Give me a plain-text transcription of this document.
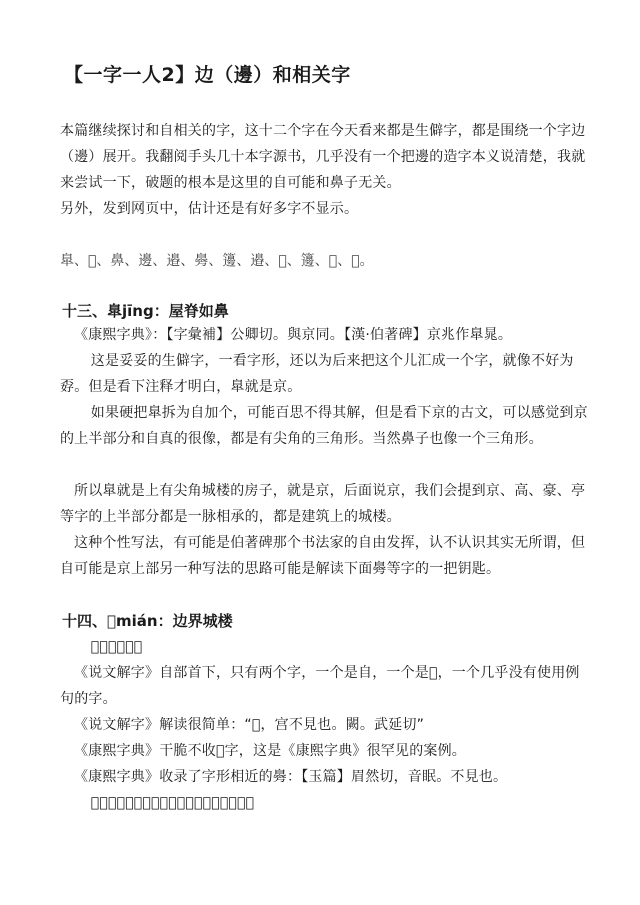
【一字一人2】边（邊）和相关字
本篇继续探讨和自相关的字，这十二个字在今天看来都是生僻字，都是围绕一个字边（邊）展开。我翻阅手头几十本字源书，几乎没有一个把邊的造字本义说清楚，我就来尝试一下，破题的根本是这里的自可能和鼻子无关。
另外，发到网页中，估计还是有好多字不显示。
臯、𢈎、鼻、邊、邉、臱、籩、邉、𥴤、籩、𨏧、𨏥。
十三、臯jīng：屋脊如鼻
《康熙字典》：【字彙補】公卿切。與京同。【漢·伯著碑】京兆作臯晁。
这是妥妥的生僻字，一看字形，还以为后来把这个儿汇成一个字，就像不好为孬。但是看下注释才明白，臯就是京。
如果硬把臯拆为自加个，可能百思不得其解，但是看下京的古文，可以感觉到京的上半部分和自真的很像，都是有尖角的三角形。当然鼻子也像一个三角形。
所以臯就是上有尖角城楼的房子，就是京，后面说京，我们会提到京、高、豪、亭等字的上半部分都是一脉相承的，都是建筑上的城楼。
这种个性写法，有可能是伯著碑那个书法家的自由发挥，认不认识其实无所谓，但自可能是京上部另一种写法的思路可能是解读下面臱等字的一把钥匙。
十四、𢈎mián：边界城楼
𢈎字读若眠。
《说文解字》自部首下，只有两个字，一个是自，一个是𢈎，一个几乎没有使用例句的字。
《说文解字》解读很简单：“𢈎，宫不見也。闕。武延切”
《康熙字典》干脆不收𢈎字，这是《康熙字典》很罕见的案例。
《康熙字典》收录了字形相近的臱：【玉篇】眉然切，音眠。不見也。
𢈎和臱含义相同，字形只有底部构造不同。
